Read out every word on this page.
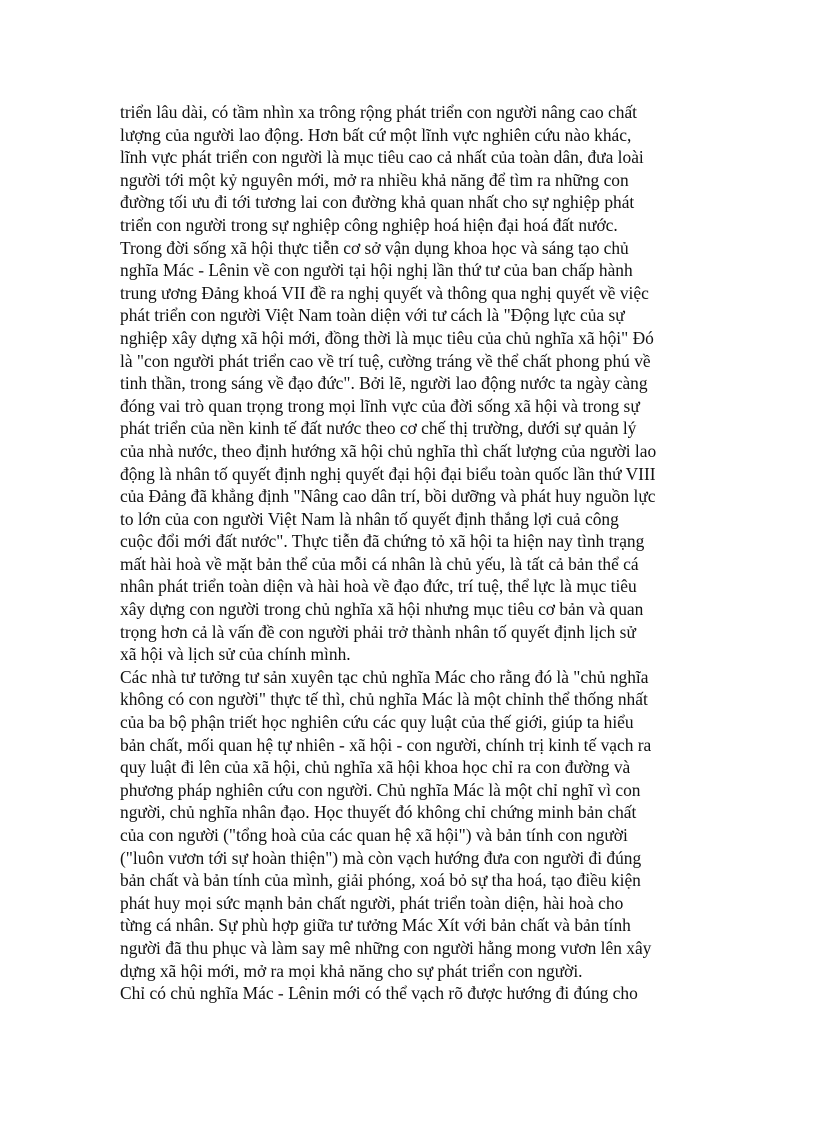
triển lâu dài, có tầm nhìn xa trông rộng phát triển con người nâng cao chất
lượng của người lao động. Hơn bất cứ một lĩnh vực nghiên cứu nào khác,
lĩnh vực phát triển con người là mục tiêu cao cả nhất của toàn dân, đưa loài
người tới một kỷ nguyên mới, mở ra nhiều khả năng để tìm ra những con
đường tối ưu đi tới tương lai con đường khả quan nhất cho sự nghiệp phát
triển con người trong sự nghiệp công nghiệp hoá hiện đại hoá đất nước.
Trong đời sống xã hội thực tiễn cơ sở vận dụng khoa học và sáng tạo chủ
nghĩa Mác - Lênin về con người tại hội nghị lần thứ tư của ban chấp hành
trung ương Đảng khoá VII đề ra nghị quyết và thông qua nghị quyết về việc
phát triển con người Việt Nam toàn diện với tư cách là "Động lực của sự
nghiệp xây dựng xã hội mới, đồng thời là mục tiêu của chủ nghĩa xã hội" Đó
là "con người phát triển cao về trí tuệ, cường tráng về thể chất phong phú về
tinh thần, trong sáng về đạo đức". Bởi lẽ, người lao động nước ta ngày càng
đóng vai trò quan trọng trong mọi lĩnh vực của đời sống xã hội và trong sự
phát triển của nền kinh tế đất nước theo cơ chế thị trường, dưới sự quản lý
của nhà nước, theo định hướng xã hội chủ nghĩa thì chất lượng của người lao
động là nhân tố quyết định nghị quyết đại hội đại biểu toàn quốc lần thứ VIII
của Đảng đã khẳng định "Nâng cao dân trí, bồi dưỡng và phát huy nguồn lực
to lớn của con người Việt Nam là nhân tố quyết định thắng lợi cuả công
cuộc đổi mới đất nước". Thực tiễn đã chứng tỏ xã hội ta hiện nay tình trạng
mất hài hoà về mặt bản thể của mỗi cá nhân là chủ yếu, là tất cả bản thể cá
nhân phát triển toàn diện và hài hoà về đạo đức, trí tuệ, thể lực là mục tiêu
xây dựng con người trong chủ nghĩa xã hội nhưng mục tiêu cơ bản và quan
trọng hơn cả là vấn đề con người phải trở thành nhân tố quyết định lịch sử
xã hội và lịch sử của chính mình.
Các nhà tư tưởng tư sản xuyên tạc chủ nghĩa Mác cho rằng đó là "chủ nghĩa
không có con người" thực tế thì, chủ nghĩa Mác là một chỉnh thể thống nhất
của ba bộ phận triết học nghiên cứu các quy luật của thế giới, giúp ta hiểu
bản chất, mối quan hệ tự nhiên - xã hội - con người, chính trị kinh tế vạch ra
quy luật đi lên của xã hội, chủ nghĩa xã hội khoa học chỉ ra con đường và
phương pháp nghiên cứu con người. Chủ nghĩa Mác là một chỉ nghĩ vì con
người, chủ nghĩa nhân đạo. Học thuyết đó không chỉ chứng minh bản chất
của con người ("tổng hoà của các quan hệ xã hội") và bản tính con người
("luôn vươn tới sự hoàn thiện") mà còn vạch hướng đưa con người đi đúng
bản chất và bản tính của mình, giải phóng, xoá bỏ sự tha hoá, tạo điều kiện
phát huy mọi sức mạnh bản chất người, phát triển toàn diện, hài hoà cho
từng cá nhân. Sự phù hợp giữa tư tưởng Mác Xít với bản chất và bản tính
người đã thu phục và làm say mê những con người hằng mong vươn lên xây
dựng xã hội mới, mở ra mọi khả năng cho sự phát triển con người.
Chỉ có chủ nghĩa Mác - Lênin mới có thể vạch rõ được hướng đi đúng cho
